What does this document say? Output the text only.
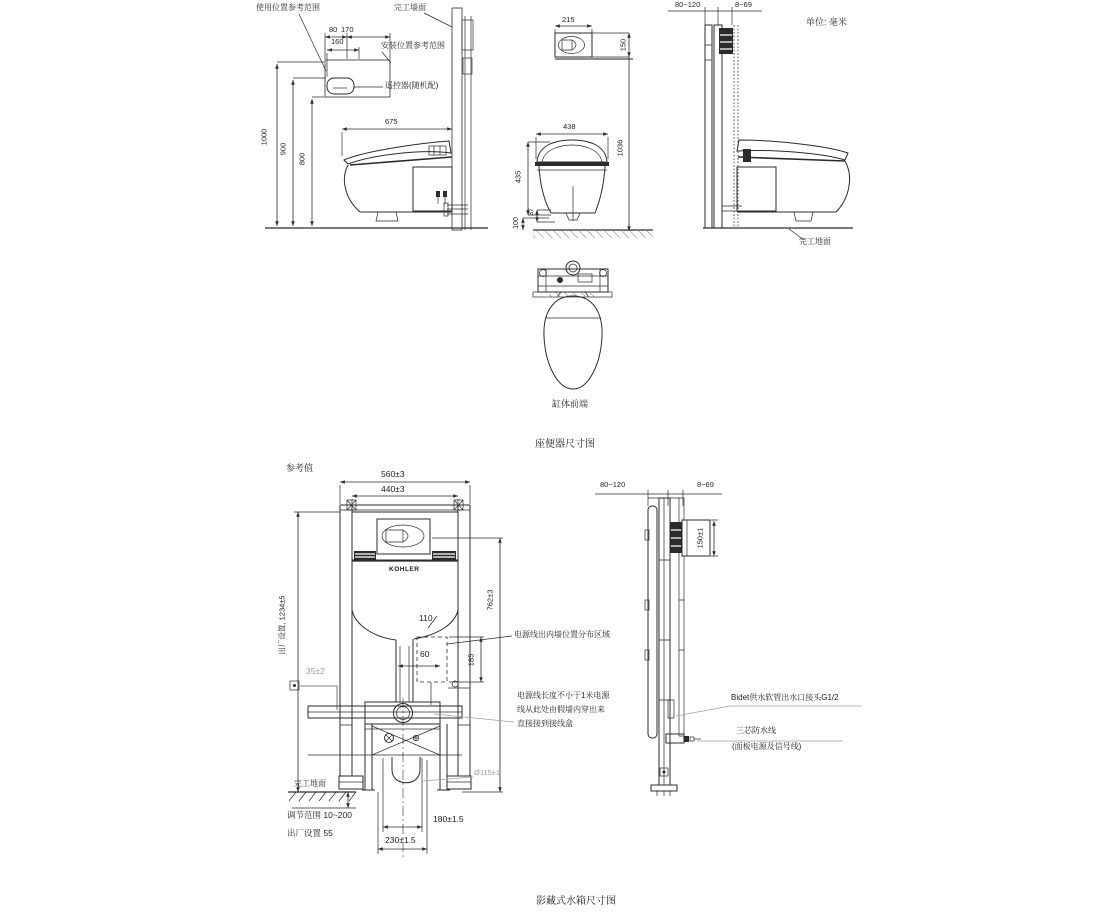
使用位置参考范围	完工墙面
80 170
160	安装位置参考范围
遥控器(随机配)
1000
900
800
675
215
150
438
1036
435
37
100
80~120	8~69
单位: 毫米
完工地面
缸体前端
座便器尺寸图
参考值
560±3
440±3
KOHLER
110
60	185
762±3
出厂设置, 1234±5
35±2
完工地面
调节范围 10~200
出厂设置 55
180±1.5
230±1.5
Ø115±1
电源线出内墙位置分布区域
电源线长度不小于1米电源
线从此处由假墙内穿出来
直接接到接线盒
80~120	8~69
150±1
Bidet供水软管出水口接头G1/2
三芯防水线
(面板电源及信号线)
影藏式水箱尺寸图
